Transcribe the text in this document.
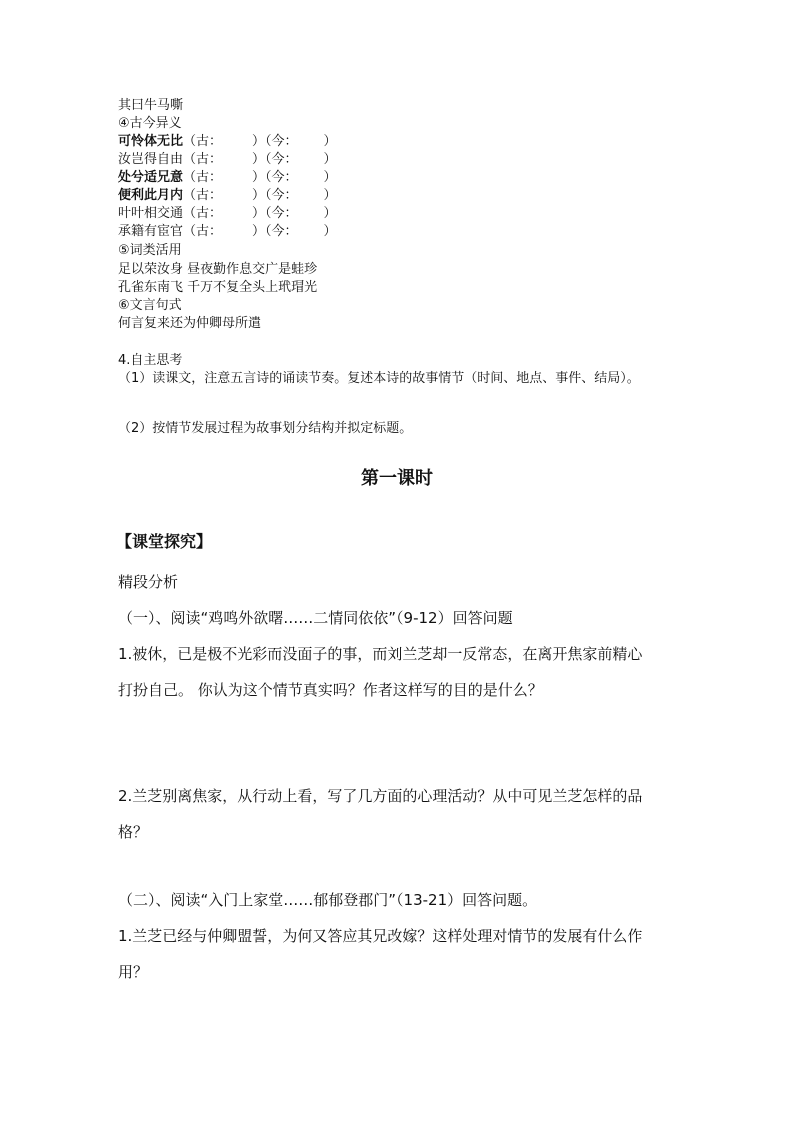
其曰牛马嘶
④古今异义
可怜体无比（古： ）（今： ）
汝岂得自由（古： ）（今： ）
处兮适兄意（古： ）（今： ）
便利此月内（古： ）（今： ）
叶叶相交通（古： ）（今： ）
承籍有宦官（古： ）（今： ）
⑤词类活用
足以荣汝身 昼夜勤作息交广是蛙珍
孔雀东南飞 千万不复全头上玳瑁光
⑥文言句式
何言复来还为仲卿母所遣
4.自主思考
（1）读课文，注意五言诗的诵读节奏。复述本诗的故事情节（时间、地点、事件、结局）。
（2）按情节发展过程为故事划分结构并拟定标题。
第一课时
【课堂探究】
精段分析
（一）、阅读“鸡鸣外欲曙……二情同依依”（9-12）回答问题
1.被休，已是极不光彩而没面子的事，而刘兰芝却一反常态，在离开焦家前精心
打扮自己。 你认为这个情节真实吗？作者这样写的目的是什么？
2.兰芝别离焦家，从行动上看，写了几方面的心理活动？从中可见兰芝怎样的品
格？
（二）、阅读“入门上家堂……郁郁登郡门”（13-21）回答问题。
1.兰芝已经与仲卿盟誓，为何又答应其兄改嫁？这样处理对情节的发展有什么作
用？
